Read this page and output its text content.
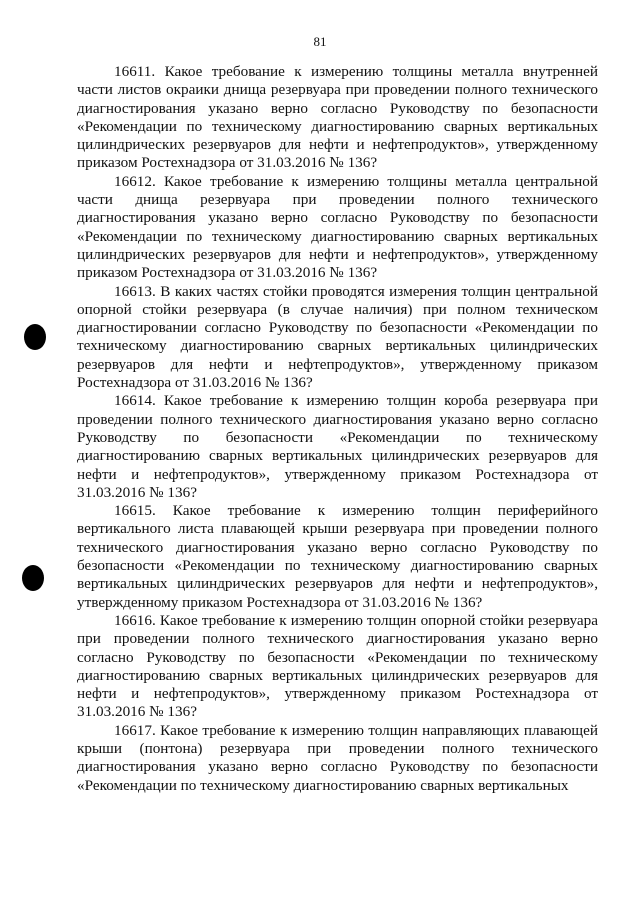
81

16611. Какое требование к измерению толщины металла внутренней части листов окраики днища резервуара при проведении полного технического диагностирования указано верно согласно Руководству по безопасности «Рекомендации по техническому диагностированию сварных вертикальных цилиндрических резервуаров для нефти и нефтепродуктов», утвержденному приказом Ростехнадзора от 31.03.2016 № 136?

16612. Какое требование к измерению толщины металла центральной части днища резервуара при проведении полного технического диагностирования указано верно согласно Руководству по безопасности «Рекомендации по техническому диагностированию сварных вертикальных цилиндрических резервуаров для нефти и нефтепродуктов», утвержденному приказом Ростехнадзора от 31.03.2016 № 136?

16613. В каких частях стойки проводятся измерения толщин центральной опорной стойки резервуара (в случае наличия) при полном техническом диагностировании согласно Руководству по безопасности «Рекомендации по техническому диагностированию сварных вертикальных цилиндрических резервуаров для нефти и нефтепродуктов», утвержденному приказом Ростехнадзора от 31.03.2016 № 136?

16614. Какое требование к измерению толщин короба резервуара при проведении полного технического диагностирования указано верно согласно Руководству по безопасности «Рекомендации по техническому диагностированию сварных вертикальных цилиндрических резервуаров для нефти и нефтепродуктов», утвержденному приказом Ростехнадзора от 31.03.2016 № 136?

16615. Какое требование к измерению толщин периферийного вертикального листа плавающей крыши резервуара при проведении полного технического диагностирования указано верно согласно Руководству по безопасности «Рекомендации по техническому диагностированию сварных вертикальных цилиндрических резервуаров для нефти и нефтепродуктов», утвержденному приказом Ростехнадзора от 31.03.2016 № 136?

16616. Какое требование к измерению толщин опорной стойки резервуара при проведении полного технического диагностирования указано верно согласно Руководству по безопасности «Рекомендации по техническому диагностированию сварных вертикальных цилиндрических резервуаров для нефти и нефтепродуктов», утвержденному приказом Ростехнадзора от 31.03.2016 № 136?

16617. Какое требование к измерению толщин направляющих плавающей крыши (понтона) резервуара при проведении полного технического диагностирования указано верно согласно Руководству по безопасности «Рекомендации по техническому диагностированию сварных вертикальных
